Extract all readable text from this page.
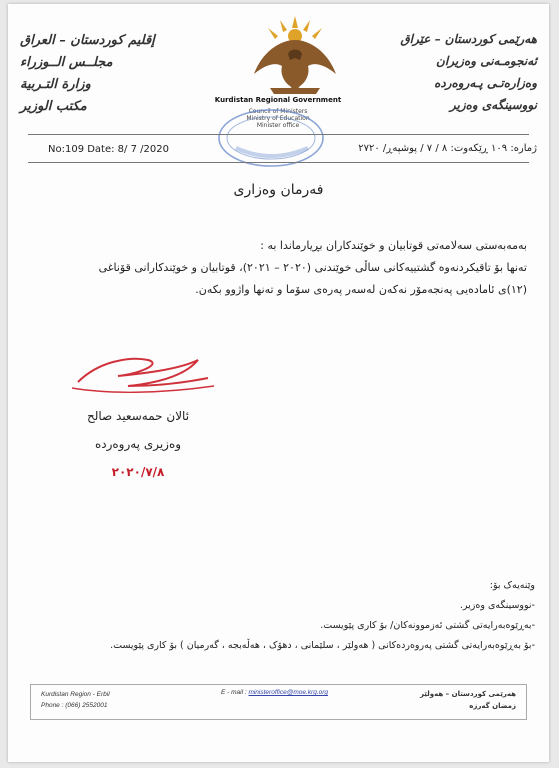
إقليم كوردستان – العراق
مجلــس الــوزراء
وزارة التـربية
مكتب الوزير	Kurdistan Regional Government
Council of Ministers
Ministry of Education
Minister office
هەرێمی کوردستان – عێراق
ئەنجومـەنی وەزیران
وەزارەتـی پـەروەردە
نووسینگەی وەزیر
No:109 Date: 8/ 7 /2020	ژمارە: ١٠٩ ڕێکەوت: ٨ / ٧ / پوشپەڕ/ ٢٧٢٠
فەرمان وەزاری
بەمەبەستی سەلامەتی قوتابیان و خوێندکاران بڕیارماندا بە :
تەنها بۆ تاقیکردنەوە گشتییەکانی ساڵی خوێندنی (٢٠٢٠ – ٢٠٢١)، قوتابیان و خوێندکارانی قۆناغی
(١٢)ی ئامادەیی پەنجەمۆر نەکەن لەسەر پەرەی سۆما و تەنها واژوو بکەن.
ئالان حمەسعید صالح
وەزیری پەروەردە
٢٠٢٠/٧/٨
وێنەیەک بۆ:
-نووسینگەی وەزیر.
-بەڕێوەبەرایەتی گشتی ئەزموونەکان/ بۆ کاری پێویست.
-بۆ بەڕێوەبەرایەتی گشتی پەروەردەکانی ( هەولێر ، سلێمانی ، دهۆک ، هەڵەبجە ، گەرمیان ) بۆ کاری پێویست.
Kurdistan Region - Erbil
Phone : (066) 2552001
E - mail : ministeroffice@moe.krg.org	هەرێمی کوردستان – هەولێر
زمضان گەرزە
